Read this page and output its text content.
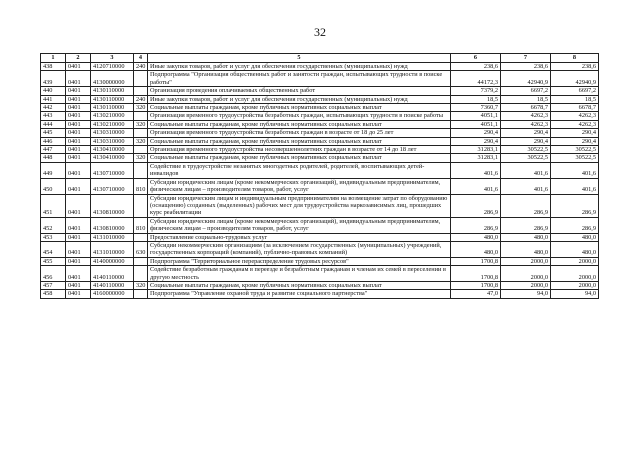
32
1	2	3	4	5	6	7	8
438	0401	4120710000	240	Иные закупки товаров, работ и услуг для обеспечения государственных (муниципальных) нужд	238,6	238,6	238,6
439	0401	4130000000		Подпрограмма "Организация общественных работ и занятости граждан, испытывающих трудности в поиске работы"	44172,3	42940,9	42940,9
440	0401	4130110000		Организация проведения оплачиваемых общественных работ	7379,2	6697,2	6697,2
441	0401	4130110000	240	Иные закупки товаров, работ и услуг для обеспечения государственных (муниципальных) нужд	18,5	18,5	18,5
442	0401	4130110000	320	Социальные выплаты гражданам, кроме публичных нормативных социальных выплат	7360,7	6678,7	6678,7
443	0401	4130210000		Организация временного трудоустройства безработных граждан, испытывающих трудности в поиске работы	4051,1	4262,3	4262,3
444	0401	4130210000	320	Социальные выплаты гражданам, кроме публичных нормативных социальных выплат	4051,1	4262,3	4262,3
445	0401	4130310000		Организация временного трудоустройства безработных граждан в возрасте от 18 до 25 лет	290,4	290,4	290,4
446	0401	4130310000	320	Социальные выплаты гражданам, кроме публичных нормативных социальных выплат	290,4	290,4	290,4
447	0401	4130410000		Организация временного трудоустройства несовершеннолетних граждан в возрасте от 14 до 18 лет	31283,1	30522,5	30522,5
448	0401	4130410000	320	Социальные выплаты гражданам, кроме публичных нормативных социальных выплат	31283,1	30522,5	30522,5
449	0401	4130710000		Содействие в трудоустройстве незанятых многодетных родителей, родителей, воспитывающих детей-инвалидов	401,6	401,6	401,6
450	0401	4130710000	810	Субсидии юридическим лицам (кроме некоммерческих организаций), индивидуальным предпринимателям, физическим лицам – производителям товаров, работ, услуг	401,6	401,6	401,6
451	0401	4130810000		Субсидии юридическим лицам и индивидуальным предпринимателям на возмещение затрат по оборудованию (оснащению) созданных (выделенных) рабочих мест для трудоустройства наркозависимых лиц, прошедших курс реабилитации	286,9	286,9	286,9
452	0401	4130810000	810	Субсидии юридическим лицам (кроме некоммерческих организаций), индивидуальным предпринимателям, физическим лицам – производителям товаров, работ, услуг	286,9	286,9	286,9
453	0401	4131010000		Предоставление социально-трудовых услуг	480,0	480,0	480,0
454	0401	4131010000	630	Субсидии некоммерческим организациям (за исключением государственных (муниципальных) учреждений, государственных корпораций (компаний), публично-правовых компаний)	480,0	480,0	480,0
455	0401	4140000000		Подпрограмма "Территориальное перераспределение трудовых ресурсов"	1700,8	2000,0	2000,0
456	0401	4140110000		Содействие безработным гражданам в переезде и безработным гражданам и членам их семей в переселении в другую местность	1700,8	2000,0	2000,0
457	0401	4140110000	320	Социальные выплаты гражданам, кроме публичных нормативных социальных выплат	1700,8	2000,0	2000,0
458	0401	4160000000		Подпрограмма "Управление охраной труда и развитие социального партнерства"	47,0	94,0	94,0
